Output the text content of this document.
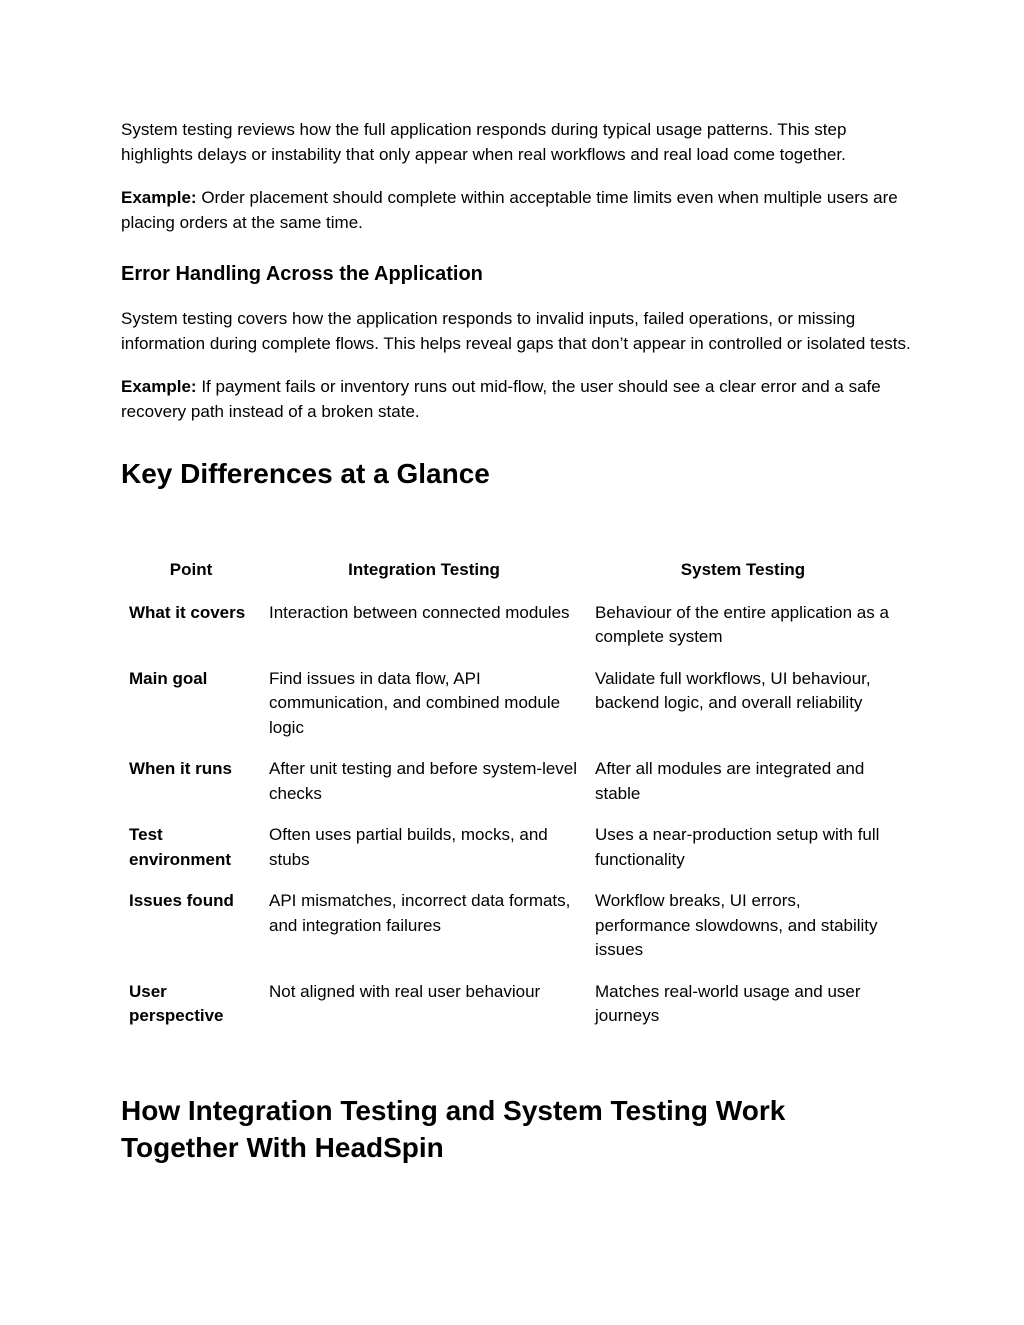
System testing reviews how the full application responds during typical usage patterns. This step highlights delays or instability that only appear when real workflows and real load come together.

Example: Order placement should complete within acceptable time limits even when multiple users are placing orders at the same time.

Error Handling Across the Application

System testing covers how the application responds to invalid inputs, failed operations, or missing information during complete flows. This helps reveal gaps that don’t appear in controlled or isolated tests.

Example: If payment fails or inventory runs out mid-flow, the user should see a clear error and a safe recovery path instead of a broken state.

Key Differences at a Glance
Point	Integration Testing	System Testing
What it covers	Interaction between connected modules	Behaviour of the entire application as a complete system
Main goal	Find issues in data flow, API communication, and combined module logic	Validate full workflows, UI behaviour, backend logic, and overall reliability
When it runs	After unit testing and before system-level checks	After all modules are integrated and stable
Test environment	Often uses partial builds, mocks, and stubs	Uses a near-production setup with full functionality
Issues found	API mismatches, incorrect data formats, and integration failures	Workflow breaks, UI errors, performance slowdowns, and stability issues
User perspective	Not aligned with real user behaviour	Matches real-world usage and user journeys
How Integration Testing and System Testing Work Together With HeadSpin
